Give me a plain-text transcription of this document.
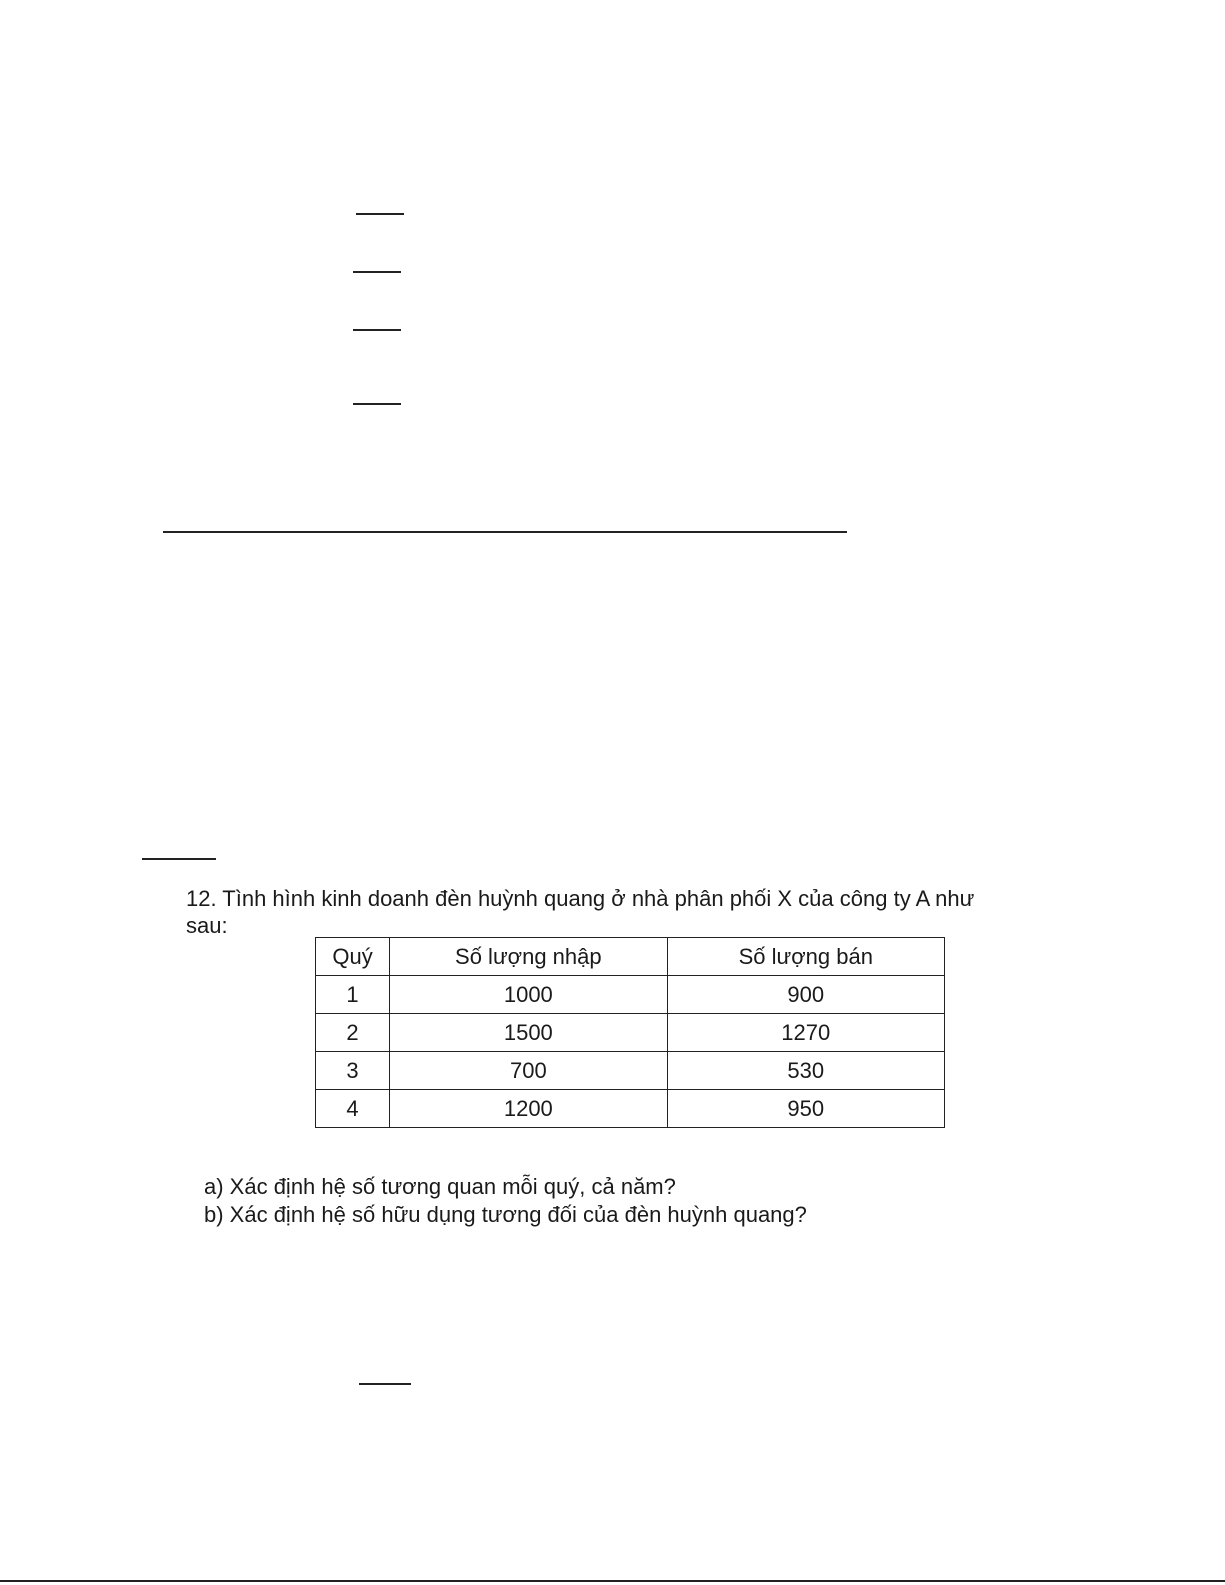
12. Tình hình kinh doanh đèn huỳnh quang ở nhà phân phối X của công ty A như
sau:
Quý	Số lượng nhập	Số lượng bán
1	1000	900
2	1500	1270
3	700	530
4	1200	950
a) Xác định hệ số tương quan mỗi quý, cả năm?
b) Xác định hệ số hữu dụng tương đối của đèn huỳnh quang?
